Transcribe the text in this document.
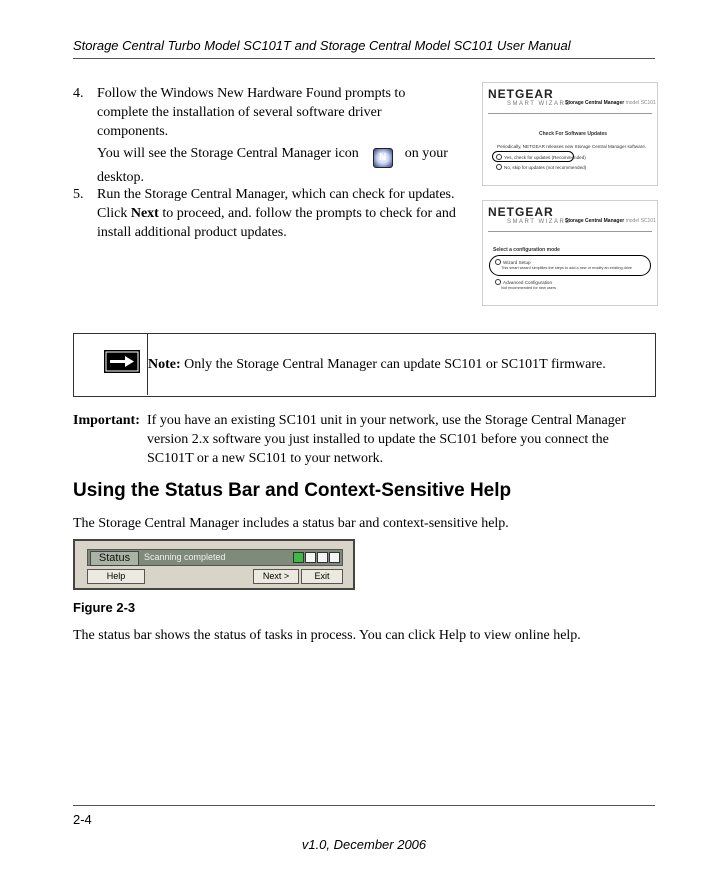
Storage Central Turbo Model SC101T and Storage Central Model SC101 User Manual
4. Follow the Windows New Hardware Found prompts to complete the installation of several software driver components.
You will see the Storage Central Manager icon N on your desktop.
5. Run the Storage Central Manager, which can check for updates. Click Next to proceed, and. follow the prompts to check for and install additional product updates.
NETGEAR
SMART WIZARD
Storage Central Manager model SC101
Check For Software Updates
Periodically, NETGEAR releases new Storage Central Manager software.
Yes, check for updates (Recommended)
No, skip for updates (not recommended)
NETGEAR
SMART WIZARD
Storage Central Manager model SC101
Select a configuration mode
Wizard Setup
This smart wizard simplifies the steps to add a new or modify an existing drive
Advanced Configuration
Not recommended for new users
Note: Only the Storage Central Manager can update SC101 or SC101T firmware.
Important: If you have an existing SC101 unit in your network, use the Storage Central Manager
version 2.x software you just installed to update the SC101 before you connect the
SC101T or a new SC101 to your network.
Using the Status Bar and Context-Sensitive Help
The Storage Central Manager includes a status bar and context-sensitive help.
Status	Scanning completed
Help	Next >	Exit
Figure 2-3
The status bar shows the status of tasks in process. You can click Help to view online help.
2-4
v1.0, December 2006
